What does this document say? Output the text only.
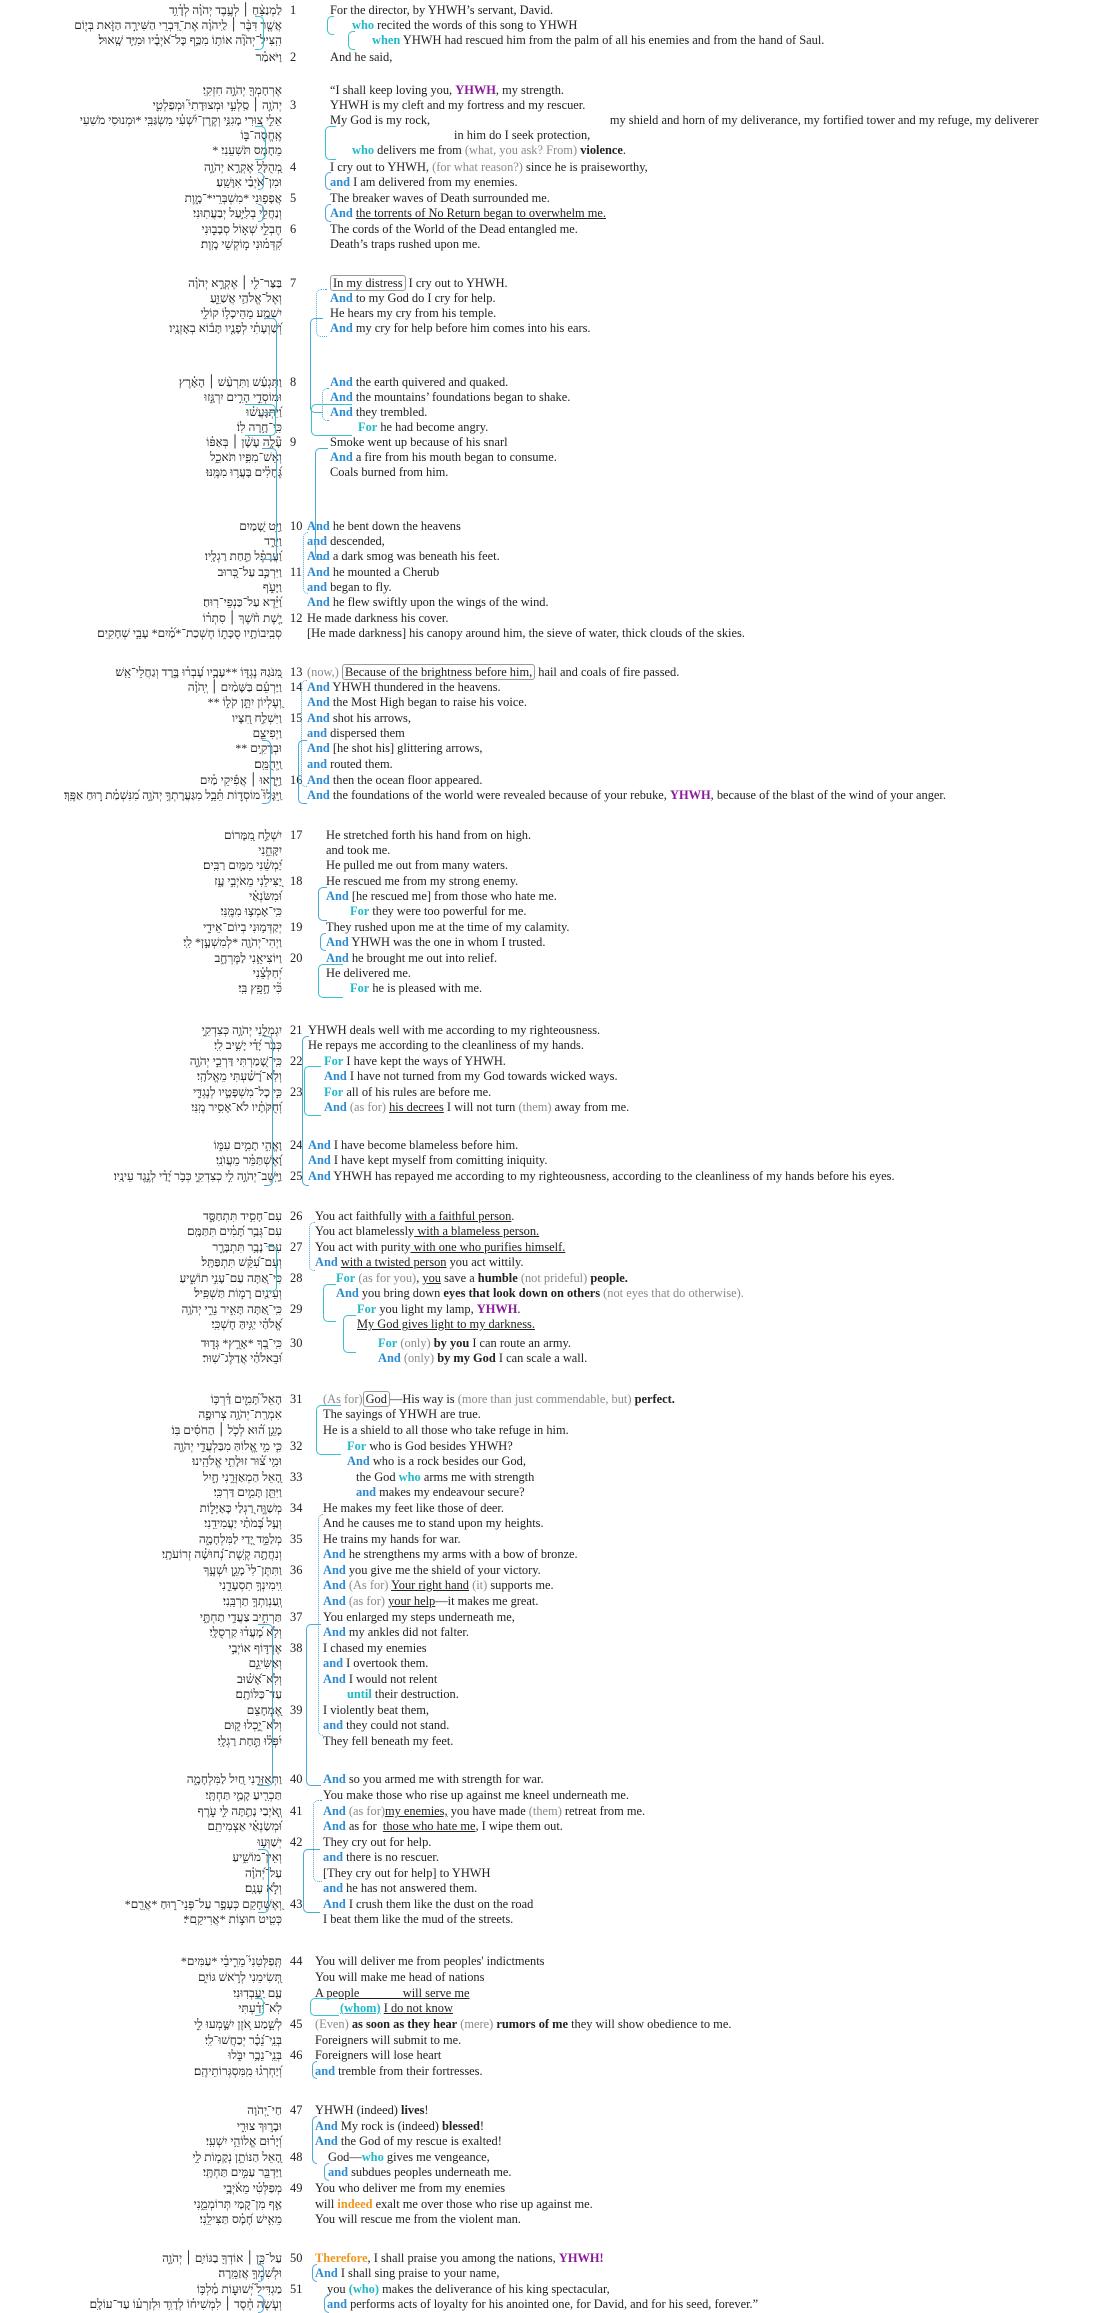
לַמְנַצֵּ֨חַ ׀ לְעֶ֥בֶד יְהֹוָ֗ה לְדָ֫וִ֥ד 1	For the director, by YHWH’s servant, David.
אֲשֶׁ֤ר דִּבֶּ֨ר ׀ לַֽיהֹוָ֗ה אֶת־דִּ֭בְרֵי הַשִּׁירָ֣ה הַזֹּ֑את בְּי֤וֹם	who recited the words of this song to YHWH
הִֽצִּיל־יְהֹוָ֘ה אוֹת֥וֹ מִכַּ֥ף כָּל־אֹ֝יְבָ֗יו וּמִיַּ֥ד שָֽׁאוּל׃	when YHWH had rescued him from the palm of all his enemies and from the hand of Saul.
וַיֹּאמַ֗ר 2	And he said,
אֶרְחָמְךָ֖ יְהֹוָ֣ה חִזְקִֽי׃	“I shall keep loving you, YHWH, my strength.
יְהֹוָ֤ה ׀ סַֽלְעִ֣י וּמְצוּדָתִי֮ וּמְפַלְטִ֪י 3	YHWH is my cleft and my fortress and my rescuer.
אֵלִ֣י צ֭וּרִי מָגִנִּ֥י וְקֶרֶן־יִ֝שְׁעִ֗י מִשְׂגַּבִּֽי *וּמְנוּסִי מֹשִׁעִי	My God is my rock,	my shield and horn of my deliverance, my fortified tower and my refuge, my deliverer
אֶֽחֱסֶה־בּ֑וֹ	in him do I seek protection,
מֵחָמָס תֹּשִׁעֵנִי׃ *	who delivers me from (what, you ask? From) violence.
מְ֭הֻלָּל אֶקְרָ֣א יְהֹוָ֑ה 4	I cry out to YHWH, (for what reason?) since he is praiseworthy,
וּמִן־אֹ֝יְבַ֗י אִוָּשֵֽׁעַ׃	and I am delivered from my enemies.
אֲפָפ֥וּנִי *מִשְׁבְּרֵי*־מָ֑וֶת 5	The breaker waves of Death surrounded me.
וְנַחֲלֵ֖י בְלִיַּ֣עַל יְבַעֲתֽוּנִי׃	And the torrents of No Return began to overwhelm me.
חֶבְלֵ֣י שְׁא֣וֹל סְבָב֑וּנִי 6	The cords of the World of the Dead entangled me.
קִ֝דְּמ֗וּנִי מ֣וֹקְשֵׁי מָֽוֶת׃	Death’s traps rushed upon me.
בַּצַּר־לִ֤י ׀ אֶקְרָ֣א יְהֹוָ֗ה 7	In my distress I cry out to YHWH.
וְאֶל־אֱלֹהַ֥י אֲשַׁוֵּ֑עַ	And to my God do I cry for help.
יִשְׁמַ֣ע מֵהֵיכָל֣וֹ קוֹלִ֑י	He hears my cry from his temple.
וְ֝שַׁוְעָתִ֗י לְפָנָ֤יו תָּב֬וֹא בְאָזְנָֽיו׃	And my cry for help before him comes into his ears.
וַתִּגְעַ֬שׁ וַתִּרְעַ֨שׁ ׀ הָאָ֗רֶץ 8	And the earth quivered and quaked.
וּמוֹסְדֵ֣י הָרִ֣ים יִרְגָּ֑זוּ	And the mountains’ foundations began to shake.
וַ֝יִּתְגָּעֲשׁ֗וּ	And they trembled.
כִּֽי־חָ֥רָה לֽוֹ׃	For he had become angry.
עָ֘לָ֤ה עָשָׁ֨ן ׀ בְּאַפּ֗וֹ 9	Smoke went up because of his snarl
וְאֵשׁ־מִפִּ֥יו תֹּאכֵ֑ל	And a fire from his mouth began to consume.
גֶּ֝חָלִ֗ים בָּעֲר֥וּ מִמֶּֽנּוּ׃	Coals burned from him.
וַיֵּ֣ט שָׁ֭מַיִם 10 And he bent down the heavens
וַיֵּרַ֑ד and descended,
וַ֝עֲרָפֶ֗ל תַּ֣חַת רַגְלָֽיו׃ And a dark smog was beneath his feet.
וַיִּרְכַּ֣ב עַל־כְּ֭רוּב 11 And he mounted a Cherub
וַיָּעֹ֑ף and began to fly.
וַ֝יֵּ֗דֶא עַל־כַּנְפֵי־רֽוּחַ׃ And he flew swiftly upon the wings of the wind.
יָ֤שֶׁת חֹ֨שֶׁךְ ׀ סִתְר֗וֹ 12 He made darkness his cover.
סְבִֽיבוֹתָ֥יו סֻכָּת֑וֹ חֶשְׁכַת־*מַ֝֗יִם* עָבֵ֥י שְׁחָקִֽים׃ [He made darkness] his canopy around him, the sieve of water, thick clouds of the skies.
מִ֭נֹּגַהּ נֶגְדּ֑וֹ **עָבָ֥יו עָ֝בְר֗וּ בָּ֣רָד וְגַחֲלֵי־אֵֽשׁ׃ 13 (now,) Because of the brightness before him, hail and coals of fire passed.
וַיַּרְעֵ֬ם בַּשָּׁמַ֨יִם ׀ יְֽהֹוָ֗ה 14 And YHWH thundered in the heavens.
וְ֭עֶלְיוֹן יִתֵּ֣ן קֹל֑וֹ ** And the Most High began to raise his voice.
וַיִּשְׁלַ֣ח חִ֭צָּיו 15 And shot his arrows,
וַיְפִיצֵ֑ם and dispersed them
וּבְרָקִ֥ים ** And [he shot his] glittering arrows,
וַֽיְהֻמֵּֽם׃ and routed them.
וַיֵּ֤רָאוּ ׀ אֲפִ֬יקֵי מַ֗יִם 16 And then the ocean floor appeared.
וַֽיִּגָּלוּ֮ מוֹסְד֪וֹת תֵּ֫בֵ֥ל מִגַּעֲרָתְךָ֥ יְהֹוָ֑ה מִ֝נִּשְׁמַ֗ת ר֣וּחַ אַפֶּֽךָ׃ And the foundations of the world were revealed because of your rebuke, YHWH, because of the blast of the wind of your anger.
יִשְׁלַ֣ח מִ֭מָּרוֹם 17	He stretched forth his hand from on high.
יִקָּחֵ֑נִי	and took me.
יַ֝מְשֵׁ֗נִי מִמַּ֥יִם רַבִּֽים׃	He pulled me out from many waters.
יַ֭צִּילֵנִי מֵאֹיְבִ֣י עָ֑ז 18	He rescued me from my strong enemy.
וּ֝מִשֹּׂנְאַ֗י	And [he rescued me] from those who hate me.
כִּֽי־אָמְצ֥וּ מִמֶּֽנִּי׃	For they were too powerful for me.
יְקַדְּמ֥וּנִי בְיוֹם־אֵידִ֑י 19	They rushed upon me at the time of my calamity.
וַיְהִי־יְהֹוָ֖ה *לְמִשְׁעָ֣ן* לִֽי׃	And YHWH was the one in whom I trusted.
וַיּוֹצִיאֵ֥נִי לַמֶּרְחָ֑ב 20	And he brought me out into relief.
יְ֝חַלְּצֵ֗נִי	He delivered me.
כִּ֘י חָ֥פֵֽץ בִּֽי׃	For he is pleased with me.
יִגְמְלֵ֣נִי יְהֹוָ֣ה כְּצִדְקִ֑י 21 YHWH deals well with me according to my righteousness.
כְּבֹ֥ר יָ֝דַ֗י יָשִׁ֥יב לִֽי׃ He repays me according to the cleanliness of my hands.
כִּֽי־שָׁ֭מַרְתִּי דַּרְכֵ֣י יְהֹוָ֑ה 22	For I have kept the ways of YHWH.
וְלֹֽא־רָ֝שַׁ֗עְתִּי מֵאֱלֹהָֽי׃	And I have not turned from my God towards wicked ways.
כִּ֣י כָל־מִשְׁפָּטָ֣יו לְנֶגְדִּ֑י 23	For all of his rules are before me.
וְ֝חֻקֹּתָ֗יו לֹא־אָסִ֥יר מֶֽנִּי׃	And (as for) his decrees I will not turn (them) away from me.
וָאֱהִ֣י תָמִ֣ים עִמּ֑וֹ 24 And I have become blameless before him.
וָ֝אֶשְׁתַּמֵּ֗ר מֵעֲוֺנִֽי׃ And I have kept myself from comitting iniquity.
וַיָּֽשֶׁב־יְהֹוָ֣ה לִ֣י כְצִדְקִ֑י כְּבֹ֥ר יָ֝דַ֗י לְנֶ֣גֶד עֵינָֽיו׃ 25 And YHWH has repayed me according to my righteousness, according to the cleanliness of my hands before his eyes.
עִם־חָסִ֥יד תִּתְחַסָּ֑ד 26	You act faithfully with a faithful person.
עִם־גְּבַ֥ר תָּ֝מִ֗ים תִּתַּמָּֽם׃	You act blamelessly with a blameless person.
עִם־נָבָ֥ר תִּתְבָּרָ֑ר 27	You act with purity with one who purifies himself.
וְעִם־עִ֝קֵּ֗שׁ תִּתְפַּתָּֽל׃	And with a twisted person you act wittily.
כִּֽי־אַ֭תָּה עַם־עָנִ֣י תוֹשִׁ֑יעַ 28	For (as for you), you save a humble (not prideful) people.
וְעֵינַ֖יִם רָמ֣וֹת תַּשְׁפִּֽיל׃	And you bring down eyes that look down on others (not eyes that do otherwise).
כִּֽי־אַ֭תָּה תָּאִ֣יר נֵרִ֑י יְהֹוָ֥ה 29	For you light my lamp, YHWH.
אֱ֝לֹהַ֗י יַגִּ֥יהַּ חָשְׁכִּֽי׃	My God gives light to my darkness.
כִּֽי־בְ֭ךָ *אָרֻ֣ץ* גְּד֑וּד 30	For (only) by you I can route an army.
וּ֝בֵאלֹהַ֗י אֲדַלֶּג־שֽׁוּר׃	And (only) by my God I can scale a wall.
הָאֵל֮ תָּמִ֪ים דַּ֫רְכּ֥וֹ 31	(As for) God —His way is (more than just commendable, but) perfect.
אִמְרַֽת־יְהֹוָ֥ה צְרוּפָ֑ה	The sayings of YHWH are true.
מָגֵ֥ן ה֝֗וּא לְכֹ֤ל ׀ הַחֹסִ֬ים בּֽוֹ׃	He is a shield to all those who take refuge in him.
כִּ֤י מִ֣י אֱ֭לוֹהַּ מִבַּלְעֲדֵ֣י יְהֹוָ֑ה 32	For who is God besides YHWH?
וּמִ֥י צ֝֗וּר זוּלָתִ֥י אֱלֹהֵֽינוּ׃	And who is a rock besides our God,
הָ֭אֵל הַמְאַזְּרֵ֣נִי חָ֑יִל 33	the God who arms me with strength
וַיִּתֵּ֖ן תָּמִ֣ים דַּרְכִּֽי׃	and makes my endeavour secure?
מְשַׁוֶּ֣ה רַ֭גְלַי כָּאַיָּל֑וֹת 34	He makes my feet like those of deer.
וְעַ֥ל בָּ֝מֹתַ֗י יַעֲמִידֵֽנִי׃	And he causes me to stand upon my heights.
מְלַמֵּ֣ד יָ֭דַי לַמִּלְחָמָ֑ה 35	He trains my hands for war.
וְנִחֲתָ֥ה קֶֽשֶׁת־נְ֝חוּשָׁ֗ה זְרוֹעֹתָֽי׃	And he strengthens my arms with a bow of bronze.
וַתִּתֶּן־לִי֮ מָגֵ֪ן יִ֫שְׁעֶ֥ךָ 36	And you give me the shield of your victory.
וִֽימִינְךָ֥ תִסְעָדֵ֑נִי	And (As for) Your right hand (it) supports me.
וְֽעַנְוַתְךָ֥ תַרְבֵּֽנִי׃	And (as for) your help—it makes me great.
תַּרְחִ֣יב צַעֲדִ֣י תַחְתָּ֑י 37	You enlarged my steps underneath me,
וְלֹ֥א מָ֝עֲד֗וּ קַרְסֻלָּֽי׃	And my ankles did not falter.
אֶרְדּ֣וֹף אוֹיְבַ֣י 38	I chased my enemies
וְאַשִּׂיגֵ֑ם	and I overtook them.
וְלֹֽא־אָ֝שׁ֗וּב	And I would not relent
עַד־כַּלּוֹתָֽם׃	until their destruction.
אֶ֭מְחָצֵם 39	I violently beat them,
וְלֹא־יֻ֣כְלוּ ק֑וּם	and they could not stand.
יִ֝פְּל֗וּ תַּ֣חַת רַגְלָֽי׃	They fell beneath my feet.
וַתְּאַזְּרֵ֣נִי חַ֭יִל לַמִּלְחָמָ֑ה 40	And so you armed me with strength for war.
תַּכְרִ֖יעַ קָמַ֣י תַּחְתָּֽי׃	You make those who rise up against me kneel underneath me.
וְֽאֹ֭יְבַי נָתַ֣תָּה לִּ֣י עֹ֑רֶף 41	And (as for)my enemies, you have made (them) retreat from me.
וּ֝מְשַׂנְאַ֗י אַצְמִיתֵֽם׃	And as for  those who hate me, I wipe them out.
יְשַׁוְּע֥וּ 42	They cry out for help.
וְאֵין־מוֹשִׁ֑יעַ	and there is no rescuer.
עַל־יְ֝הֹוָ֗ה	[They cry out for help] to YHWH
וְלֹ֣א עָנָֽם׃	and he has not answered them.
וְ֭אֶשְׁחָקֵם כְּעָפָ֣ר עַל־פְּנֵי־ר֑וּחַ *אֲרֵ֖ם* 43	And I crush them like the dust on the road
כְּטִ֖יט חוּצ֣וֹת *אֲרִיקֵֽם*׃	I beat them like the mud of the streets.
תְּֽפַלְּטֵנִי֮ מֵרִ֪יבֵ֫י *עַמִּים* 44	You will deliver me from peoples' indictments
תְּ֭שִׂימֵנִי לְרֹ֣אשׁ גּוֹיִ֑ם	You will make me head of nations
עַ֖ם יַֽעַבְדֽוּנִי׃	A people              will serve me
לֹֽא־יָ֝דַ֗עְתִּי	(whom) I do not know
לְשֵׁ֣מַע אֹ֭זֶן יִשָּׁ֣מְעוּ לִ֑י 45	(Even) as soon as they hear (mere) rumors of me they will show obedience to me.
בְּנֵֽי־נֵ֝כָ֗ר יְכַחֲשׁוּ־לִֽי׃	Foreigners will submit to me.
בְּנֵֽי־נֵכָ֥ר יִבֹּ֑לוּ 46	Foreigners will lose heart
וְ֝יַחְרְג֗וּ מִֽמִּסְגְּרוֹתֵיהֶֽם׃	and tremble from their fortresses.
חַי־יְ֭הֹוָה 47	YHWH (indeed) lives!
וּבָר֣וּךְ צוּרִ֑י	And My rock is (indeed) blessed!
וְ֝יָר֗וּם אֱלוֹהֵ֥י יִשְׁעִֽי׃	And the God of my rescue is exalted!
הָ֭אֵל הַנּוֹתֵ֣ן נְקָמ֣וֹת לִ֑י 48	God—who gives me vengeance,
וַיַּדְבֵּ֖ר עַמִּ֣ים תַּחְתָּֽי׃	and subdues peoples underneath me.
מְפַלְּטִ֗י מֵאֹ֫יְבָ֥י 49	You who deliver me from my enemies
אַ֣ף מִן־קָ֭מַי תְּרוֹמְמֵ֑נִי	will indeed exalt me over those who rise up against me.
מֵאִ֥ישׁ חָ֝מָ֗ס תַּצִּילֵֽנִי׃	You will rescue me from the violent man.
עַל־כֵּ֤ן ׀ אוֹדְךָ֖ בַגּוֹיִ֥ם ׀ יְהֹוָ֑ה 50	Therefore, I shall praise you among the nations, YHWH!
וּלְשִׁמְךָ֥ אֲזַמֵּֽרָה׃	And I shall sing praise to your name,
מַגְדִּיל֮ יְשׁוּע֪וֹת מַ֫לְכּ֥וֹ 51	you (who) makes the deliverance of his king spectacular,
וְעֹ֤שֶׂה חֶ֨סֶד ׀ לִמְשִׁיח֗וֹ לְדָוִ֥ד וּלְזַרְע֗וֹ עַד־עוֹלָֽם׃	and performs acts of loyalty for his anointed one, for David, and for his seed, forever.”
